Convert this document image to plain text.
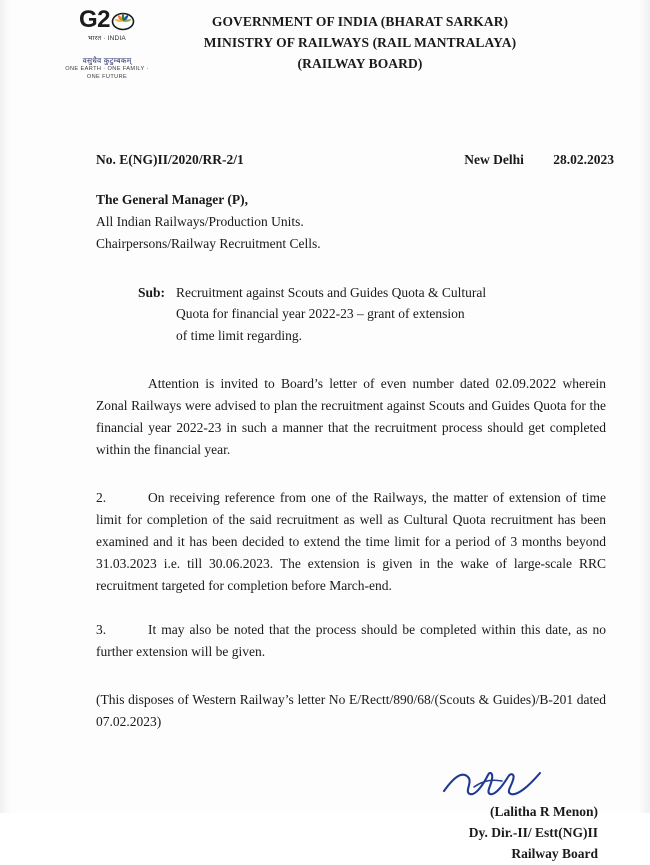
G2
भारत · INDIA
वसुधैव कुटुम्बकम्
ONE EARTH · ONE FAMILY · ONE FUTURE
GOVERNMENT OF INDIA (BHARAT SARKAR)
MINISTRY OF RAILWAYS (RAIL MANTRALAYA)
(RAILWAY BOARD)
No. E(NG)II/2020/RR-2/1	New Delhi 28.02.2023
The General Manager (P),
All Indian Railways/Production Units.
Chairpersons/Railway Recruitment Cells.
Sub: Recruitment against Scouts and Guides Quota & Cultural
Quota for financial year 2022-23 – grant of extension
of time limit regarding.
Attention is invited to Board’s letter of even number dated 02.09.2022 wherein Zonal Railways were advised to plan the recruitment against Scouts and Guides Quota for the financial year 2022-23 in such a manner that the recruitment process should get completed within the financial year.
2.	On receiving reference from one of the Railways, the matter of extension of time limit for completion of the said recruitment as well as Cultural Quota recruitment has been examined and it has been decided to extend the time limit for a period of 3 months beyond 31.03.2023 i.e. till 30.06.2023. The extension is given in the wake of large-scale RRC recruitment targeted for completion before March-end.
3.	It may also be noted that the process should be completed within this date, as no further extension will be given.
(This disposes of Western Railway’s letter No E/Rectt/890/68/(Scouts & Guides)/B-201 dated 07.02.2023)
(Lalitha R Menon)
Dy. Dir.-II/ Estt(NG)II
Railway Board
